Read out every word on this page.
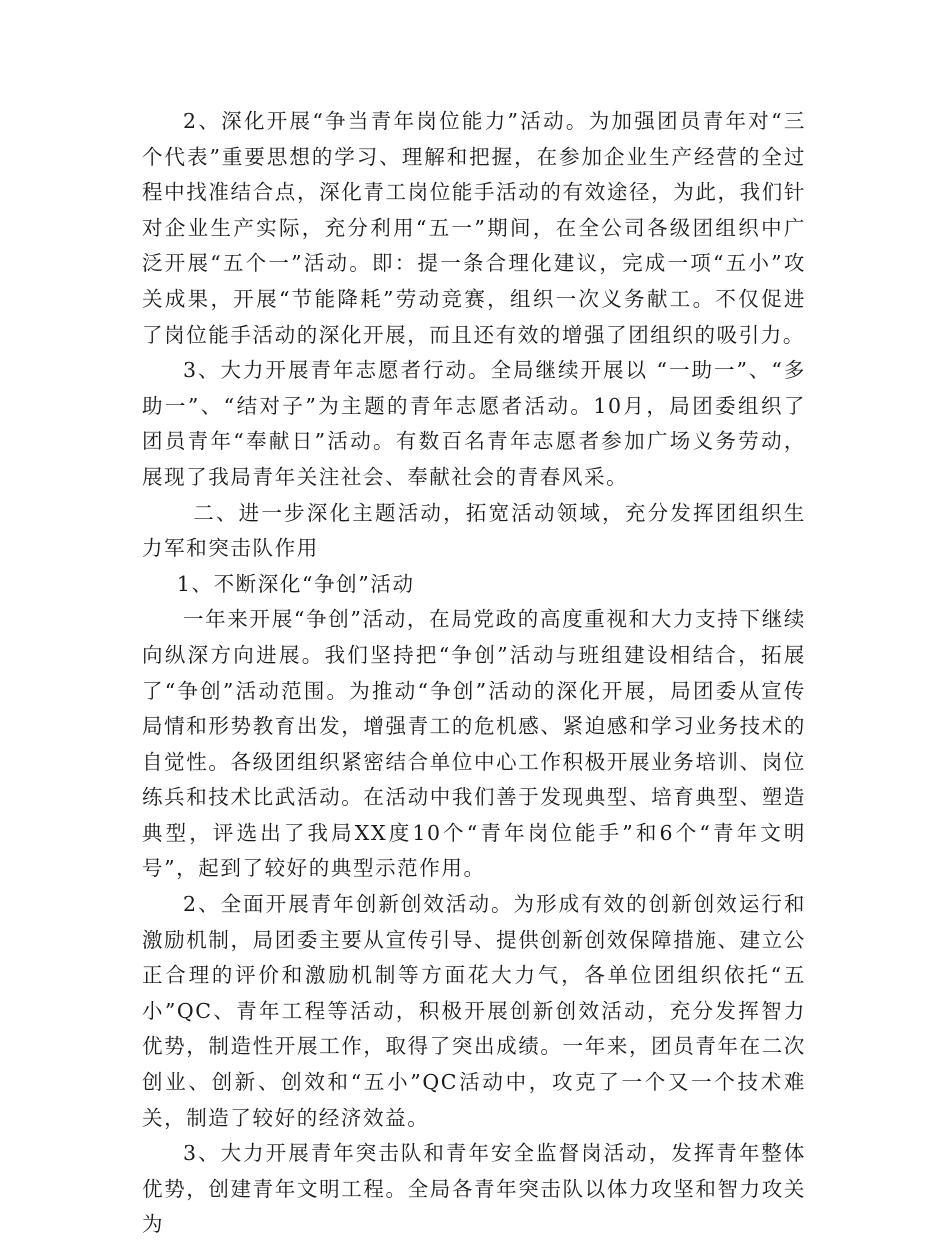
2、深化开展“争当青年岗位能力”活动。为加强团员青年对“三个代表”重要思想的学习、理解和把握，在参加企业生产经营的全过程中找准结合点，深化青工岗位能手活动的有效途径，为此，我们针对企业生产实际，充分利用“五一”期间，在全公司各级团组织中广泛开展“五个一”活动。即：提一条合理化建议，完成一项“五小”攻关成果，开展“节能降耗”劳动竞赛，组织一次义务献工。不仅促进了岗位能手活动的深化开展，而且还有效的增强了团组织的吸引力。

3、大力开展青年志愿者行动。全局继续开展以 “一助一”、“多助一”、“结对子”为主题的青年志愿者活动。10月，局团委组织了   团员青年“奉献日”活动。有数百名青年志愿者参加广场义务劳动，展现了我局青年关注社会、奉献社会的青春风采。

二、进一步深化主题活动，拓宽活动领域，充分发挥团组织生力军和突击队作用

1、不断深化“争创”活动

一年来开展“争创”活动，在局党政的高度重视和大力支持下继续向纵深方向进展。我们坚持把“争创”活动与班组建设相结合，拓展了“争创”活动范围。为推动“争创”活动的深化开展，局团委从宣传局情和形势教育出发，增强青工的危机感、紧迫感和学习业务技术的自觉性。各级团组织紧密结合单位中心工作积极开展业务培训、岗位练兵和技术比武活动。在活动中我们善于发现典型、培育典型、塑造典型，评选出了我局XX度10个“青年岗位能手”和6个“青年文明号”，起到了较好的典型示范作用。

2、全面开展青年创新创效活动。为形成有效的创新创效运行和激励机制，局团委主要从宣传引导、提供创新创效保障措施、建立公正合理的评价和激励机制等方面花大力气，各单位团组织依托“五小”QC、青年工程等活动，积极开展创新创效活动，充分发挥智力优势，制造性开展工作，取得了突出成绩。一年来，团员青年在二次创业、创新、创效和“五小”QC活动中，攻克了一个又一个技术难关，制造了较好的经济效益。

3、大力开展青年突击队和青年安全监督岗活动，发挥青年整体优势，创建青年文明工程。全局各青年突击队以体力攻坚和智力攻关为
